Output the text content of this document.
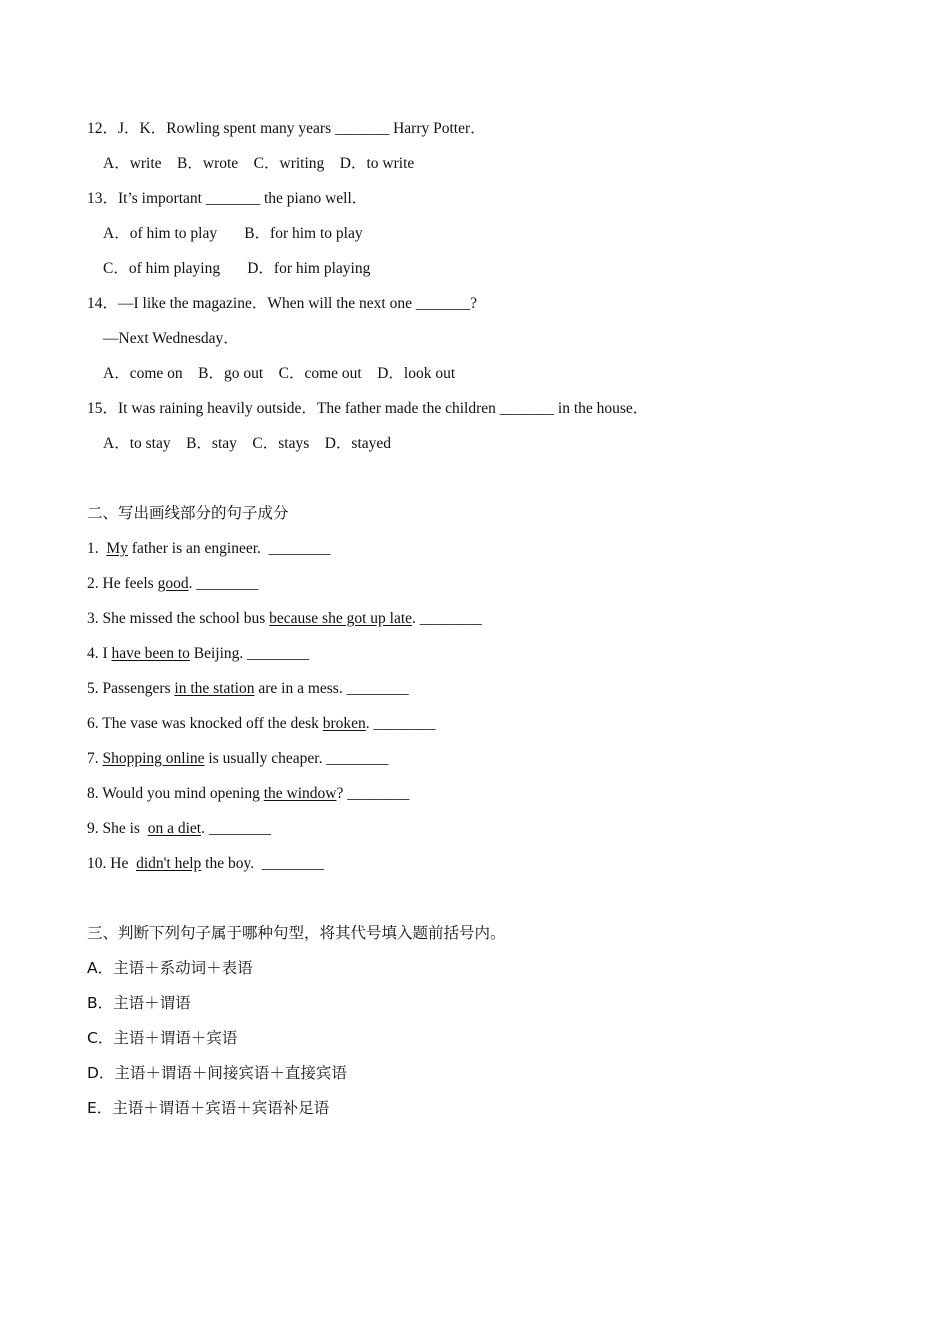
12．J．K．Rowling spent many years _______ Harry Potter．
A．write    B．wrote    C．writing    D．to write
13．It’s important _______ the piano well．
A．of him to play       B．for him to play
C．of him playing       D．for him playing
14．—I like the magazine．When will the next one _______?
—Next Wednesday．
A．come on    B．go out    C．come out    D．look out
15．It was raining heavily outside．The father made the children _______ in the house．
A．to stay    B．stay    C．stays    D．stayed
二、写出画线部分的句子成分
1.  My father is an engineer.  ________
2. He feels good. ________
3. She missed the school bus because she got up late. ________
4. I have been to Beijing. ________
5. Passengers in the station are in a mess. ________
6. The vase was knocked off the desk broken. ________
7. Shopping online is usually cheaper. ________
8. Would you mind opening the window? ________
9. She is  on a diet. ________
10. He  didn't help the boy.  ________
三、判断下列句子属于哪种句型，将其代号填入题前括号内。
A．主语＋系动词＋表语
B．主语＋谓语
C．主语＋谓语＋宾语
D．主语＋谓语＋间接宾语＋直接宾语
E．主语＋谓语＋宾语＋宾语补足语
